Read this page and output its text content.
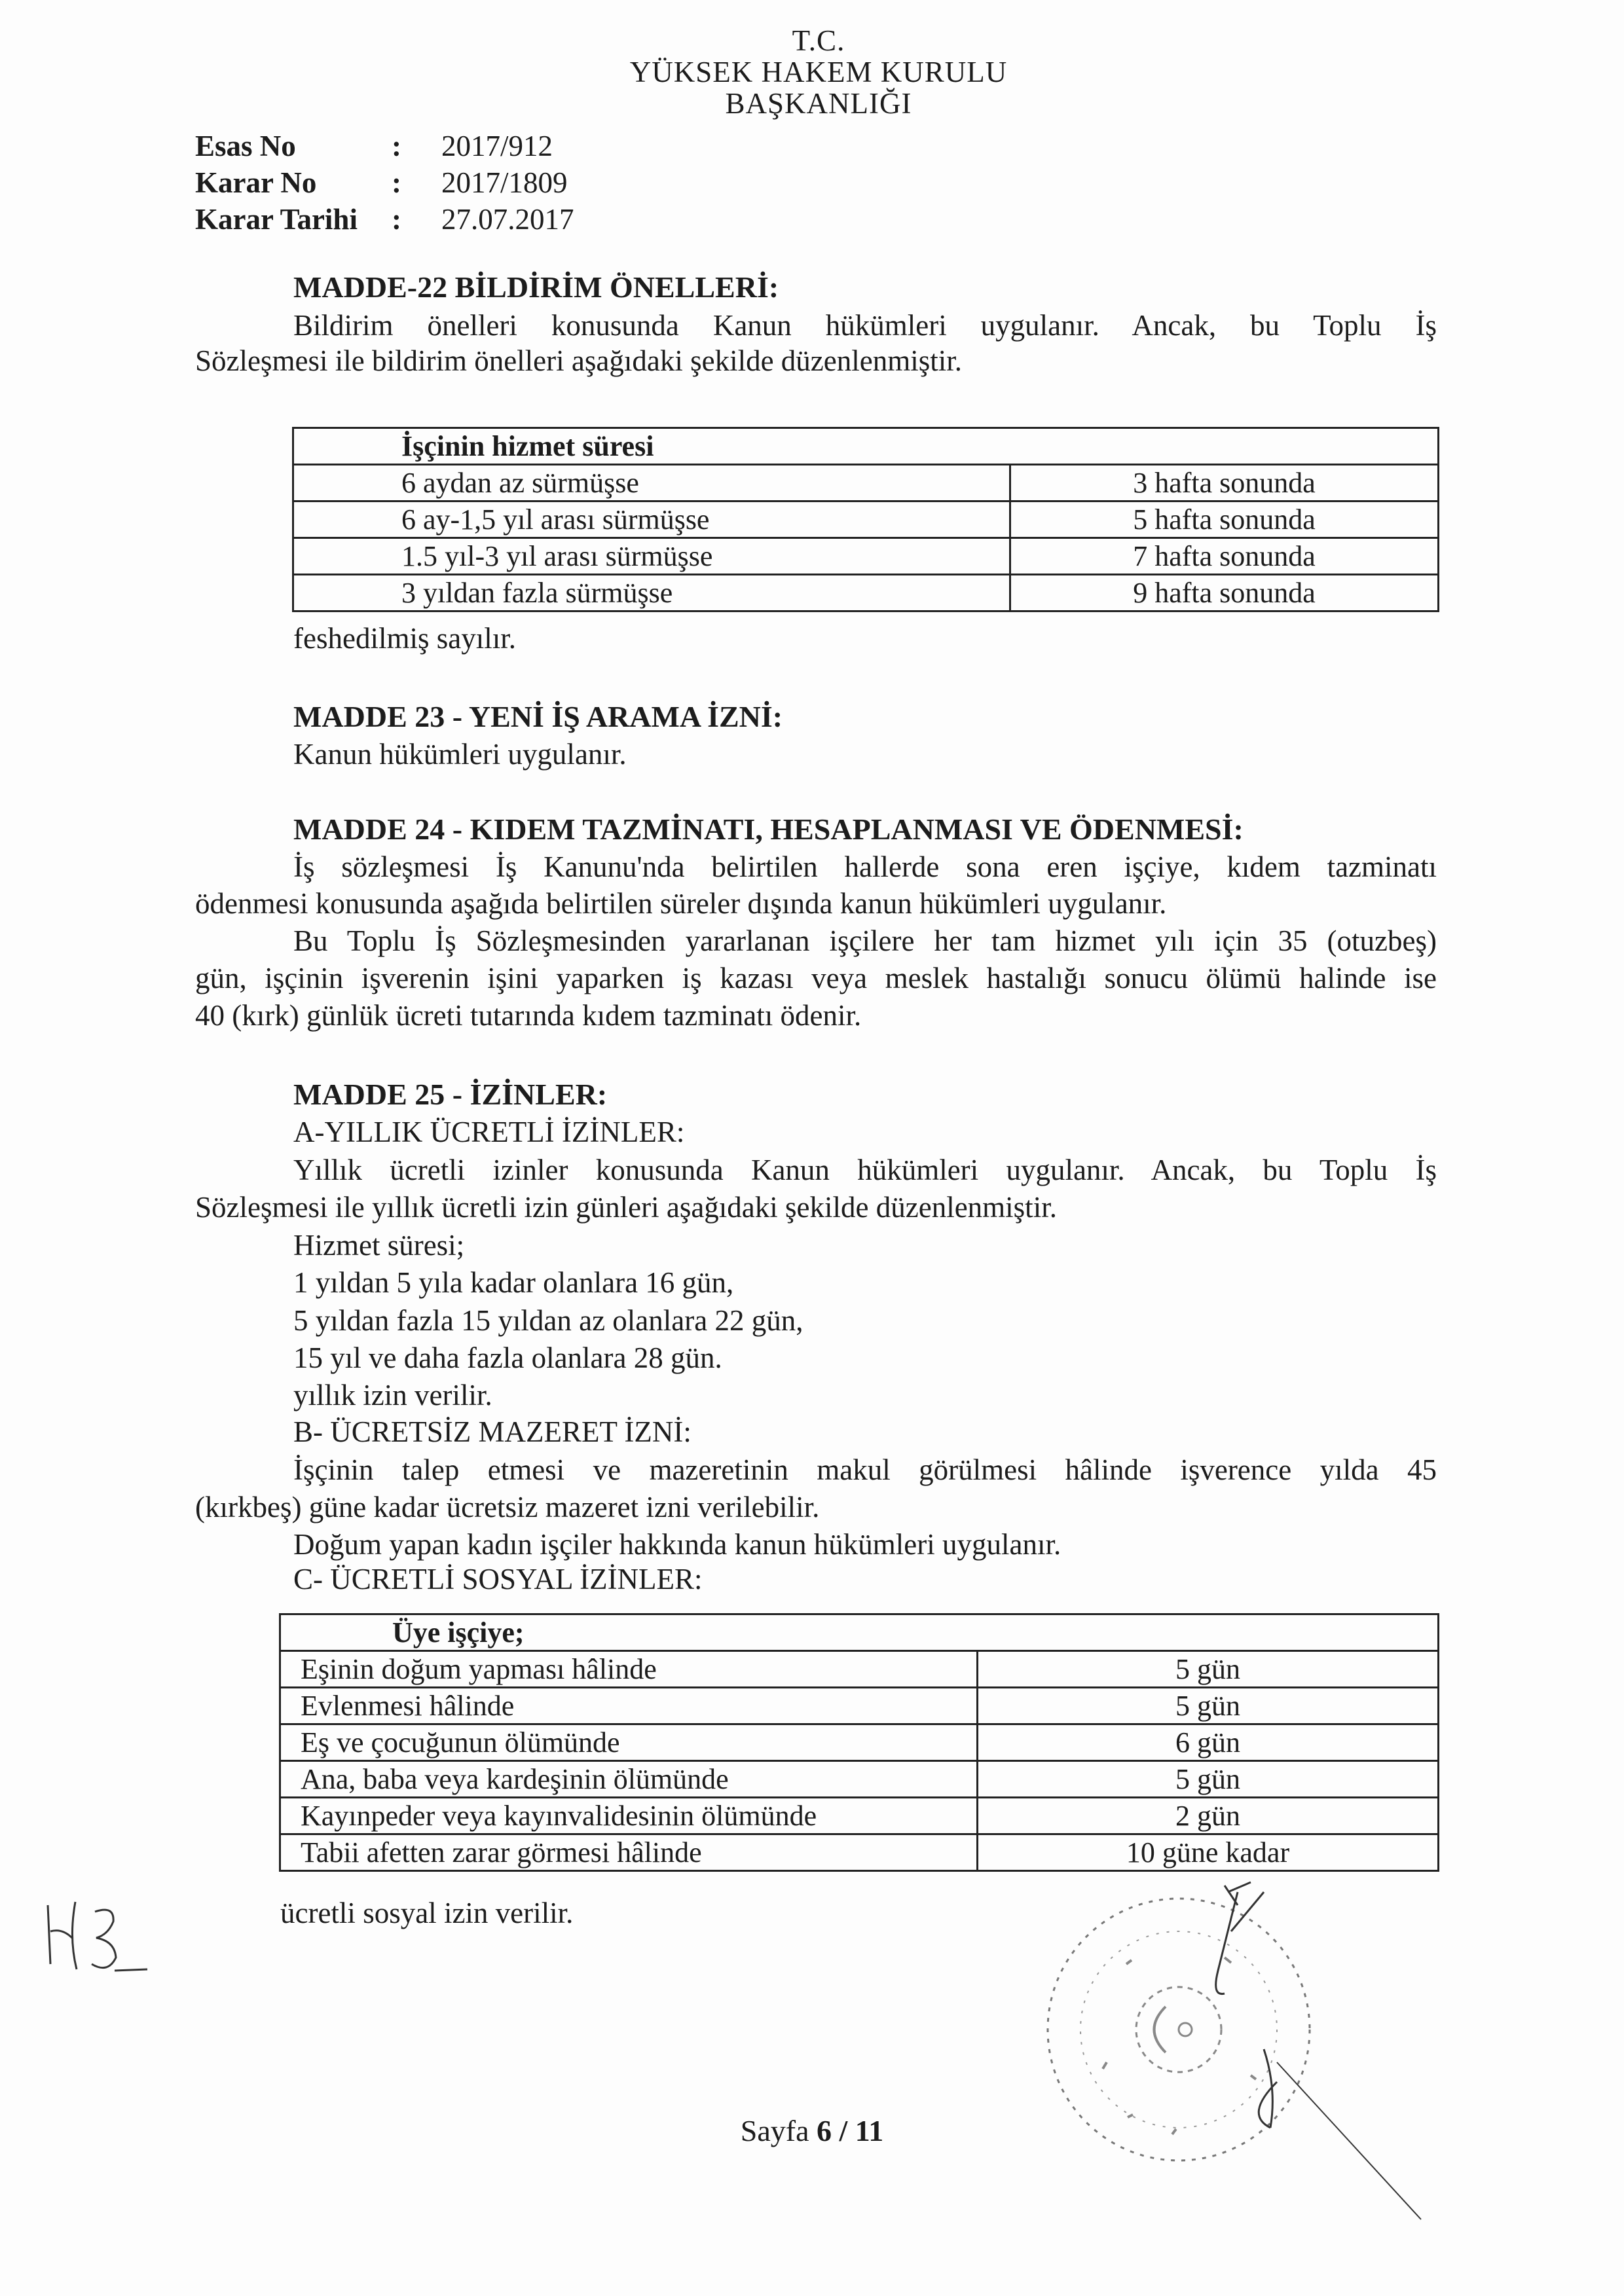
T.C.
YÜKSEK HAKEM KURULU
BAŞKANLIĞI
Esas No	:	2017/912
Karar No	:	2017/1809
Karar Tarihi	:	27.07.2017
MADDE-22 BİLDİRİM ÖNELLERİ:
Bildirim önelleri konusunda Kanun hükümleri uygulanır. Ancak, bu Toplu İş
Sözleşmesi ile bildirim önelleri aşağıdaki şekilde düzenlenmiştir.
İşçinin hizmet süresi	
6 aydan az sürmüşse	3 hafta sonunda
6 ay-1,5 yıl arası sürmüşse	5 hafta sonunda
1.5 yıl-3 yıl arası sürmüşse	7 hafta sonunda
3 yıldan fazla sürmüşse	9 hafta sonunda
feshedilmiş sayılır.
MADDE 23 - YENİ İŞ ARAMA İZNİ:
Kanun hükümleri uygulanır.
MADDE 24 - KIDEM TAZMİNATI, HESAPLANMASI VE ÖDENMESİ:
İş sözleşmesi İş Kanunu'nda belirtilen hallerde sona eren işçiye, kıdem tazminatı
ödenmesi konusunda aşağıda belirtilen süreler dışında kanun hükümleri uygulanır.
Bu Toplu İş Sözleşmesinden yararlanan işçilere her tam hizmet yılı için 35 (otuzbeş)
gün, işçinin işverenin işini yaparken iş kazası veya meslek hastalığı sonucu ölümü halinde ise
40 (kırk) günlük ücreti tutarında kıdem tazminatı ödenir.
MADDE 25 - İZİNLER:
A-YILLIK ÜCRETLİ İZİNLER:
Yıllık ücretli izinler konusunda Kanun hükümleri uygulanır. Ancak, bu Toplu İş
Sözleşmesi ile yıllık ücretli izin günleri aşağıdaki şekilde düzenlenmiştir.
Hizmet süresi;
1 yıldan 5 yıla kadar olanlara 16 gün,
5 yıldan fazla 15 yıldan az olanlara 22 gün,
15 yıl ve daha fazla olanlara 28 gün.
yıllık izin verilir.
B- ÜCRETSİZ MAZERET İZNİ:
İşçinin talep etmesi ve mazeretinin makul görülmesi hâlinde işverence yılda 45
(kırkbeş) güne kadar ücretsiz mazeret izni verilebilir.
Doğum yapan kadın işçiler hakkında kanun hükümleri uygulanır.
C- ÜCRETLİ SOSYAL İZİNLER:
Üye işçiye;	
Eşinin doğum yapması hâlinde	5 gün
Evlenmesi hâlinde	5 gün
Eş ve çocuğunun ölümünde	6 gün
Ana, baba veya kardeşinin ölümünde	5 gün
Kayınpeder veya kayınvalidesinin ölümünde	2 gün
Tabii afetten zarar görmesi hâlinde	10 güne kadar
ücretli sosyal izin verilir.
Sayfa 6 / 11
